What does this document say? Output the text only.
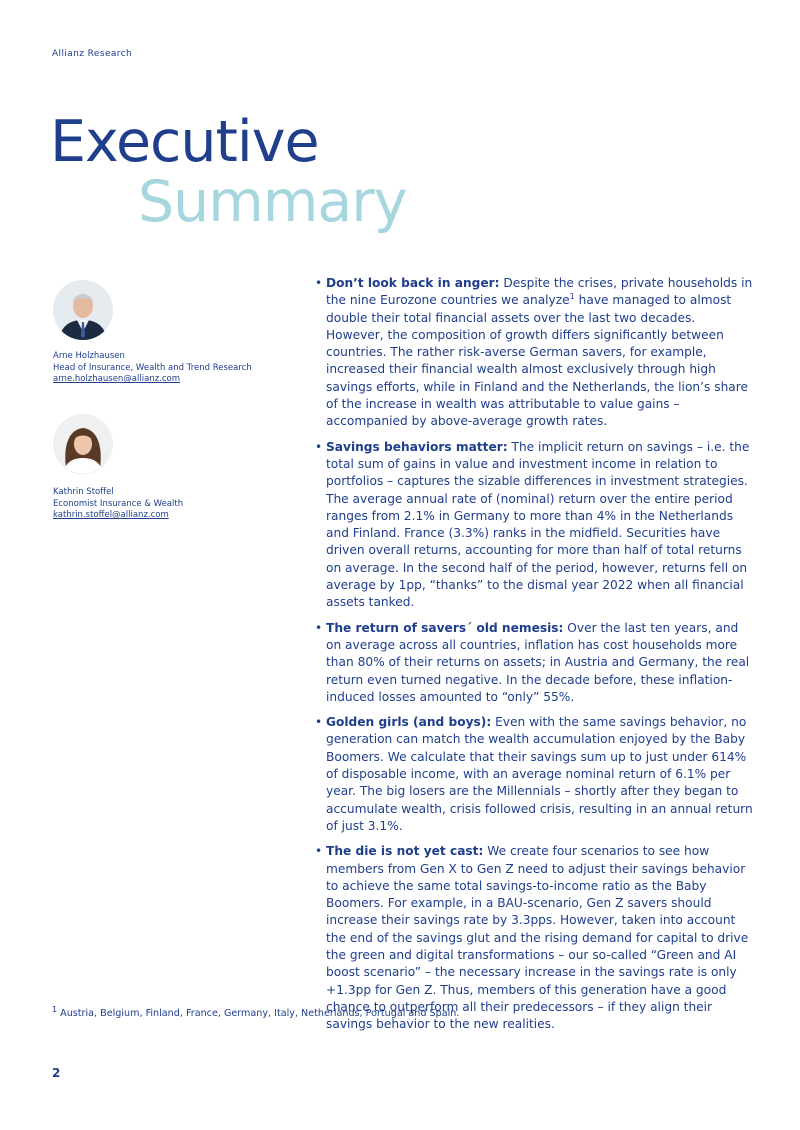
Allianz Research
Executive
Summary
Arne Holzhausen
Head of Insurance, Wealth and Trend Research
arne.holzhausen@allianz.com
Kathrin Stoffel
Economist Insurance & Wealth
kathrin.stoffel@allianz.com
• Don’t look back in anger: Despite the crises, private households in the nine Eurozone countries we analyze$^1$ have managed to almost double their total financial assets over the last two decades. However, the composition of growth differs significantly between countries. The rather risk-averse German savers, for example, increased their financial wealth almost exclusively through high savings efforts, while in Finland and the Netherlands, the lion’s share of the increase in wealth was attributable to value gains – accompanied by above-average growth rates.
• Savings behaviors matter: The implicit return on savings – i.e. the total sum of gains in value and investment income in relation to portfolios – captures the sizable differences in investment strategies. The average annual rate of (nominal) return over the entire period ranges from 2.1% in Germany to more than 4% in the Netherlands and Finland. France (3.3%) ranks in the midfield. Securities have driven overall returns, accounting for more than half of total returns on average. In the second half of the period, however, returns fell on average by 1pp, “thanks” to the dismal year 2022 when all financial assets tanked.
• The return of savers´ old nemesis: Over the last ten years, and on average across all countries, inflation has cost households more than 80% of their returns on assets; in Austria and Germany, the real return even turned negative. In the decade before, these inflation-induced losses amounted to “only” 55%.
• Golden girls (and boys): Even with the same savings behavior, no generation can match the wealth accumulation enjoyed by the Baby Boomers. We calculate that their savings sum up to just under 614% of disposable income, with an average nominal return of 6.1% per year. The big losers are the Millennials – shortly after they began to accumulate wealth, crisis followed crisis, resulting in an annual return of just 3.1%.
• The die is not yet cast: We create four scenarios to see how members from Gen X to Gen Z need to adjust their savings behavior to achieve the same total savings-to-income ratio as the Baby Boomers. For example, in a BAU-scenario, Gen Z savers should increase their savings rate by 3.3pps. However, taken into account the end of the savings glut and the rising demand for capital to drive the green and digital transformations – our so-called “Green and AI boost scenario” – the necessary increase in the savings rate is only +1.3pp for Gen Z. Thus, members of this generation have a good chance to outperform all their predecessors – if they align their savings behavior to the new realities.
$^1$ Austria, Belgium, Finland, France, Germany, Italy, Netherlands, Portugal and Spain.
2
